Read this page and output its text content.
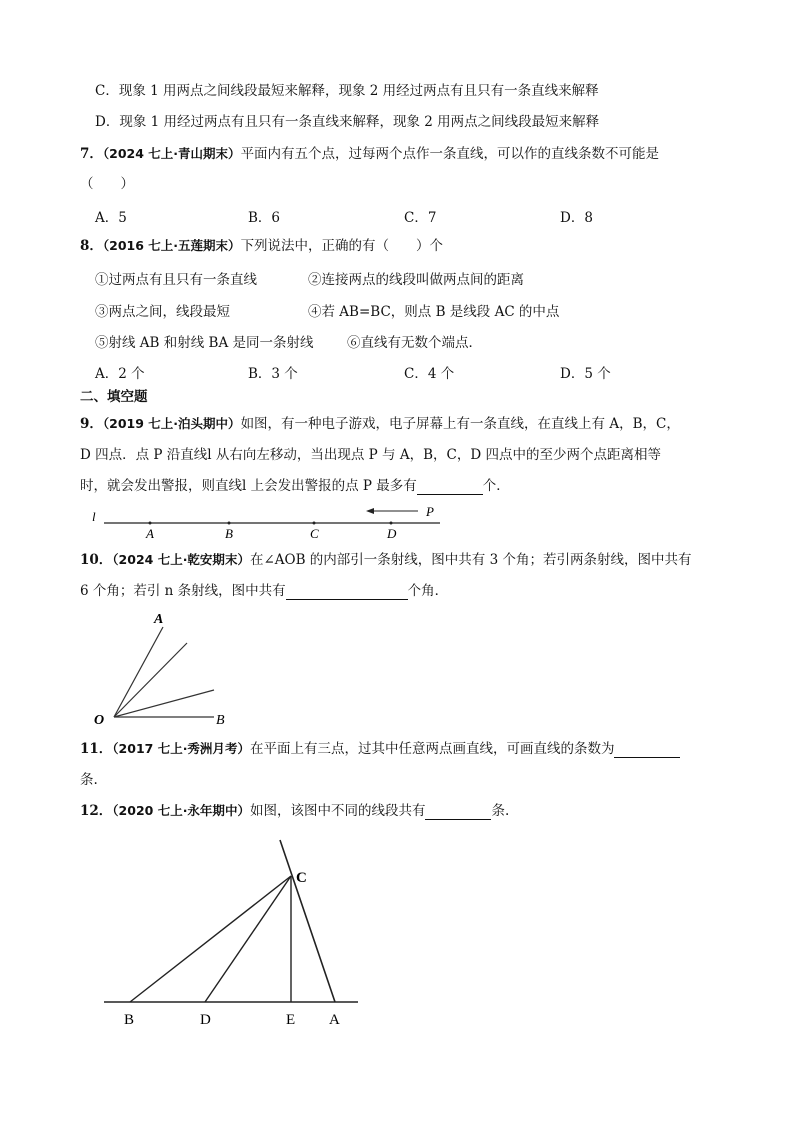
C．现象 1 用两点之间线段最短来解释，现象 2 用经过两点有且只有一条直线来解释
D．现象 1 用经过两点有且只有一条直线来解释，现象 2 用两点之间线段最短来解释
7．（2024 七上·青山期末）平面内有五个点，过每两个点作一条直线，可以作的直线条数不可能是
（　　）
A．5	B．6	C．7	D．8
8．（2016 七上·五莲期末）下列说法中，正确的有（　　）个
①过两点有且只有一条直线	②连接两点的线段叫做两点间的距离
③两点之间，线段最短	④若 AB=BC，则点 B 是线段 AC 的中点
⑤射线 AB 和射线 BA 是同一条射线 ⑥直线有无数个端点．
A．2 个	B．3 个	C．4 个	D．5 个
二、填空题
9．（2019 七上·泊头期中）如图，有一种电子游戏，电子屏幕上有一条直线，在直线上有 A，B，C，
D 四点．点 P 沿直线l 从右向左移动，当出现点 P 与 A，B，C，D 四点中的至少两个点距离相等
时，就会发出警报，则直线l 上会发出警报的点 P 最多有	个．
l
A	B	C	D
P
10．（2024 七上·乾安期末）在∠AOB 的内部引一条射线，图中共有 3 个角；若引两条射线，图中共有
6 个角；若引 n 条射线，图中共有	个角．
A
O	B
11．（2017 七上·秀洲月考）在平面上有三点，过其中任意两点画直线，可画直线的条数为
条.
12．（2020 七上·永年期中）如图，该图中不同的线段共有	条.
B	D	E A
C
